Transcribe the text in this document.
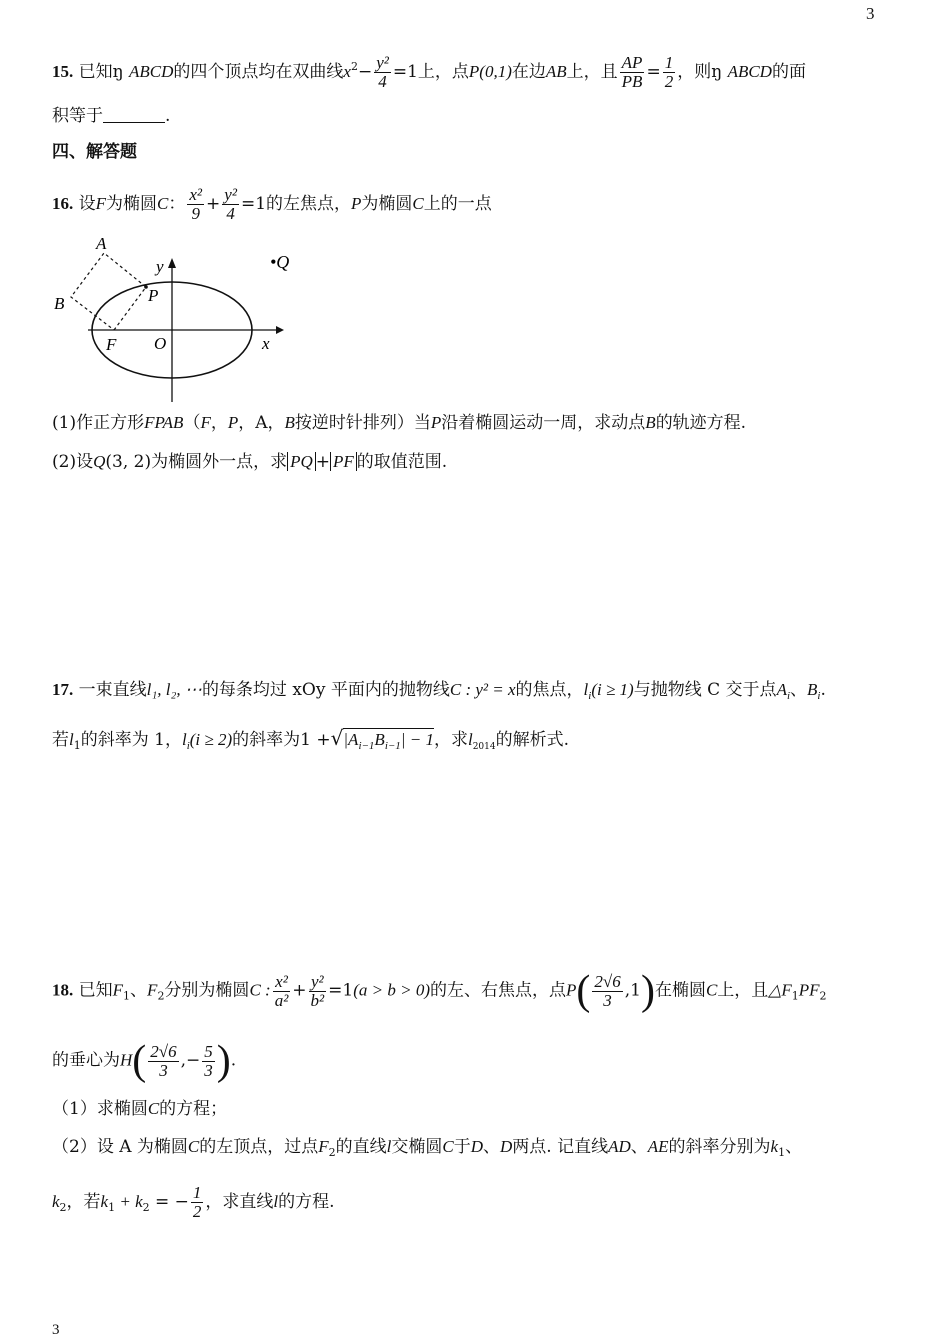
3
15. 已知ŋ ABCD的四个顶点均在双曲线$x^2- \frac{\text{y²}}{4} =1$上，点P(0,1)在边AB上，且 $\frac{AP}{PB} = \frac{1}{2}$ ，则ŋ ABCD的面
积等于	.
四、解答题
16. 设F为椭圆C： $\frac{\text{x²}}{9} + \frac{\text{y²}}{4} =1$的左焦点，P为椭圆C上的一点
A
B	P
F O	x
y	•Q
(1)作正方形FPAB（F，P，A，B按逆时针排列）当P沿着椭圆运动一周，求动点B的轨迹方程.
(2)设Q(3, 2)为椭圆外一点，求 PQ + PF 的取值范围.
17. 一束直线l₁, l₂, ⋯的每条均过 xOy 平面内的抛物线C : y² = x的焦点，$l_i(i \ge 1)$与抛物线 C 交于点$A_i$、$B_i$.
若$l_1$的斜率为 1，$l_i(i \ge 2)$的斜率为$1 +√|A_{i-1}B_{i-1}| - 1$，求$l_{2014}$的解析式.
18. 已知$F_1$、$F_2$分别为椭圆C : $\frac{\text{x²}}{\text{a²}} + \frac{\text{y²}}{\text{b²}} =1(a > b > 0)$的左、右焦点，点$P( \frac{2√6}{3} ,1)$在椭圆C上，且$\triangle F_1PF_2$
的垂心为$H( \frac{2√6}{3}$ ,− $\frac{5}{3}$ ).
（1）求椭圆C的方程；
（2）设 A 为椭圆C的左顶点，过点$F_2$的直线l交椭圆C于D、D两点. 记直线AD、AE的斜率分别为$k_1$、
$k_2$，若$k_1 + k_2$ = − $\frac{1}{2}$ ，求直线l的方程.
3
